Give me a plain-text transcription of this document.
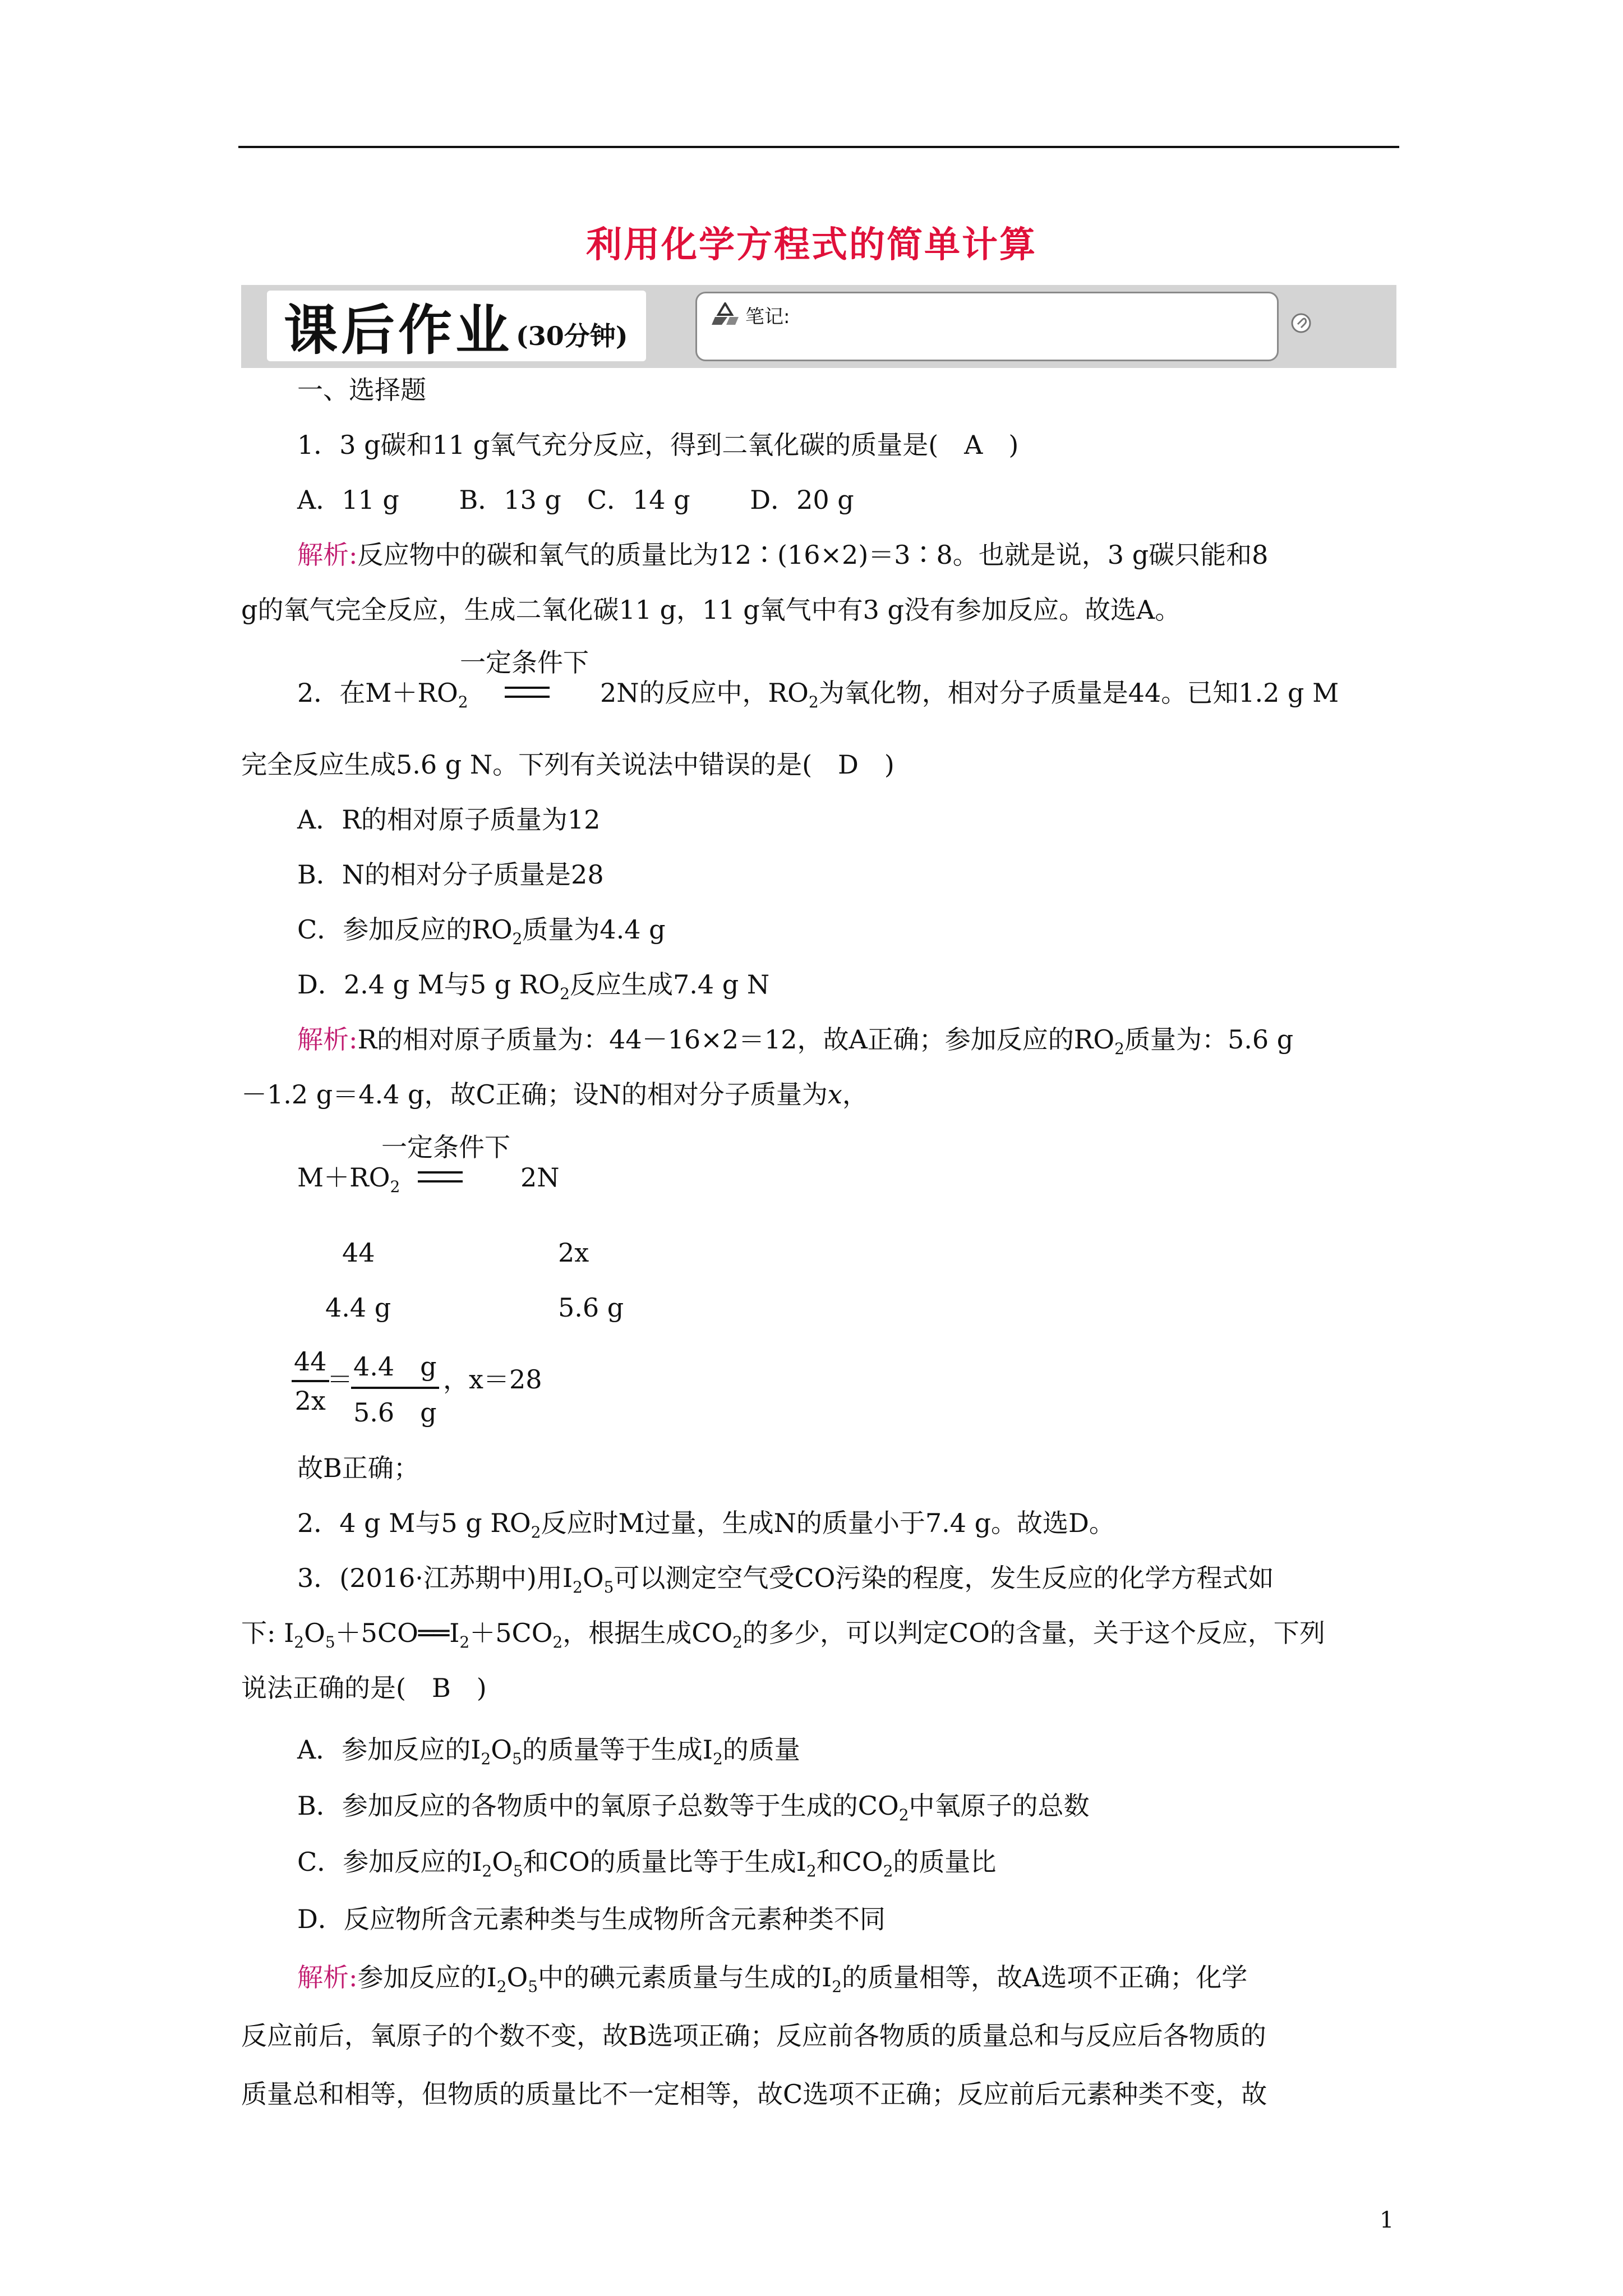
利用化学方程式的简单计算
课后作业 (30分钟)
笔记:
一、选择题
1．3 g碳和11 g氧气充分反应，得到二氧化碳的质量是(　A　)
A．11 g　　 B．13 g　C．14 g　　 D．20 g
解析:反应物中的碳和氧气的质量比为12∶(16×2)＝3∶8。也就是说，3 g碳只能和8
g的氧气完全反应，生成二氧化碳11 g，11 g氧气中有3 g没有参加反应。故选A。
一定条件下
2．在$M+RO_2$	2N的反应中，$RO_2$为氧化物，相对分子质量是44。已知1.2 g M
完全反应生成5.6 g N。下列有关说法中错误的是(　D　)
A．R的相对原子质量为12
B．N的相对分子质量是28
C．参加反应的$RO_2$质量为4.4 g
D．2.4 g M与5 g $RO_2$反应生成7.4 g N
解析:R的相对原子质量为：44－16×2＝12，故A正确；参加反应的$RO_2$质量为：5.6 g
－1.2 g＝4.4 g，故C正确；设N的相对分子质量为x，
一定条件下
$M+RO_2$	2N
44	2x
4.4 g	5.6 g
$\frac{44}{2x}$
＝
$\frac{4.4 g}{5.6 g}$ ，x＝28
故B正确；
2．4 g M与5 g $RO_2$反应时M过量，生成N的质量小于7.4 g。故选D。
3．(2016·江苏期中)用$I_2O_5$可以测定空气受CO污染的程度，发生反应的化学方程式如
下: $I_2O_5+5CO══I_2+5CO_2$，根据生成$CO_2$的多少，可以判定CO的含量，关于这个反应，下列
说法正确的是(　B　)
A．参加反应的$I_2O_5$的质量等于生成$I_2$的质量
B．参加反应的各物质中的氧原子总数等于生成的$CO_2$中氧原子的总数
C．参加反应的$I_2O_5$和CO的质量比等于生成$I_2$和$CO_2$的质量比
D．反应物所含元素种类与生成物所含元素种类不同
解析:参加反应的$I_2O_5$中的碘元素质量与生成的$I_2$的质量相等，故A选项不正确；化学
反应前后，氧原子的个数不变，故B选项正确；反应前各物质的质量总和与反应后各物质的
质量总和相等，但物质的质量比不一定相等，故C选项不正确；反应前后元素种类不变，故
1
